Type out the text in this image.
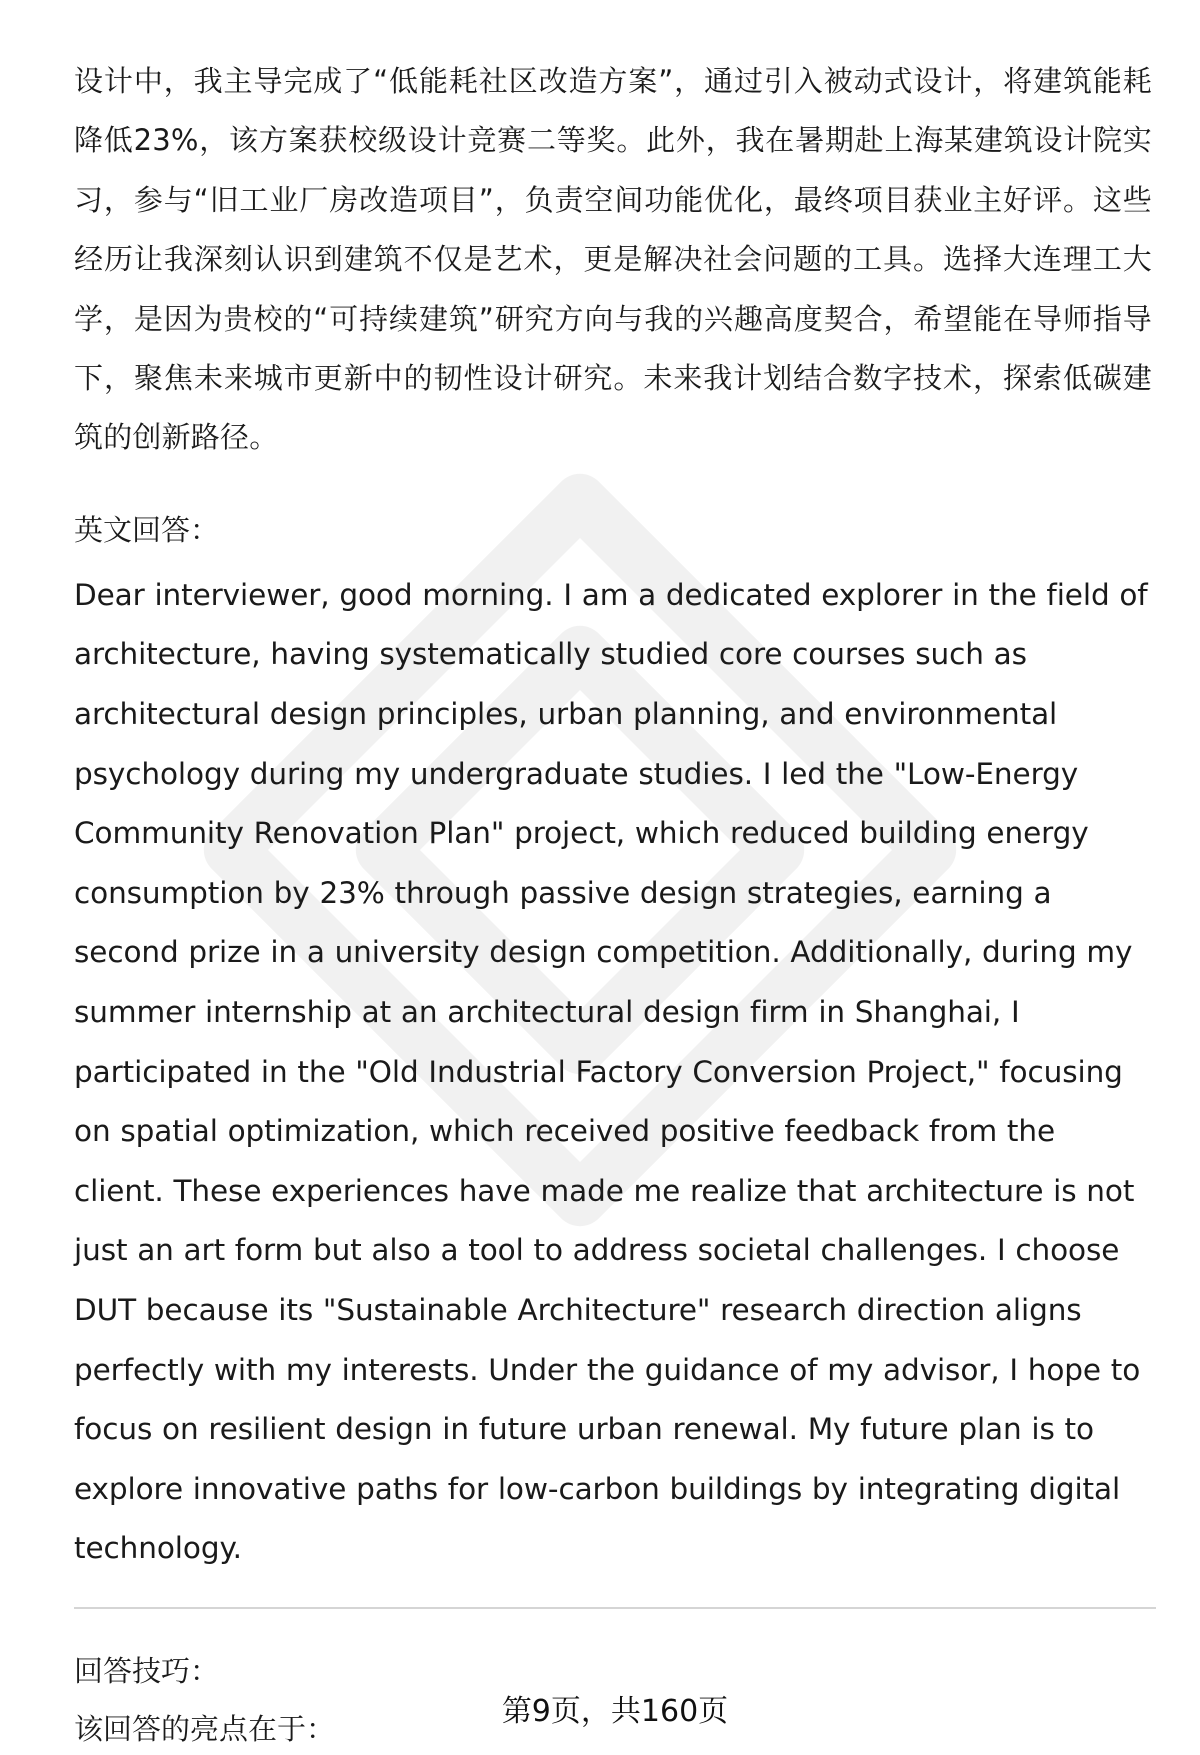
设计中，我主导完成了“低能耗社区改造方案”，通过引入被动式设计，将建筑能耗降低23%，该方案获校级设计竞赛二等奖。此外，我在暑期赴上海某建筑设计院实习，参与“旧工业厂房改造项目”，负责空间功能优化，最终项目获业主好评。这些经历让我深刻认识到建筑不仅是艺术，更是解决社会问题的工具。选择大连理工大学，是因为贵校的“可持续建筑”研究方向与我的兴趣高度契合，希望能在导师指导下，聚焦未来城市更新中的韧性设计研究。未来我计划结合数字技术，探索低碳建筑的创新路径。

英文回答：

Dear interviewer, good morning. I am a dedicated explorer in the field of architecture, having systematically studied core courses such as architectural design principles, urban planning, and environmental psychology during my undergraduate studies. I led the "Low-Energy Community Renovation Plan" project, which reduced building energy consumption by 23% through passive design strategies, earning a second prize in a university design competition. Additionally, during my summer internship at an architectural design firm in Shanghai, I participated in the "Old Industrial Factory Conversion Project," focusing on spatial optimization, which received positive feedback from the client. These experiences have made me realize that architecture is not just an art form but also a tool to address societal challenges. I choose DUT because its "Sustainable Architecture" research direction aligns perfectly with my interests. Under the guidance of my advisor, I hope to focus on resilient design in future urban renewal. My future plan is to explore innovative paths for low-carbon buildings by integrating digital technology.

回答技巧：

该回答的亮点在于：	第9页，共160页
